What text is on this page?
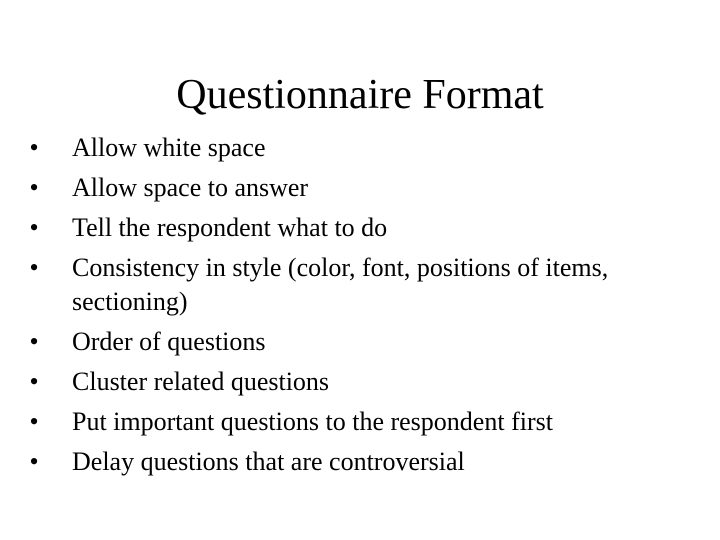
Questionnaire Format
• Allow white space
• Allow space to answer
• Tell the respondent what to do
• Consistency in style (color, font, positions of items, sectioning)
• Order of questions
• Cluster related questions
• Put important questions to the respondent first
• Delay questions that are controversial
